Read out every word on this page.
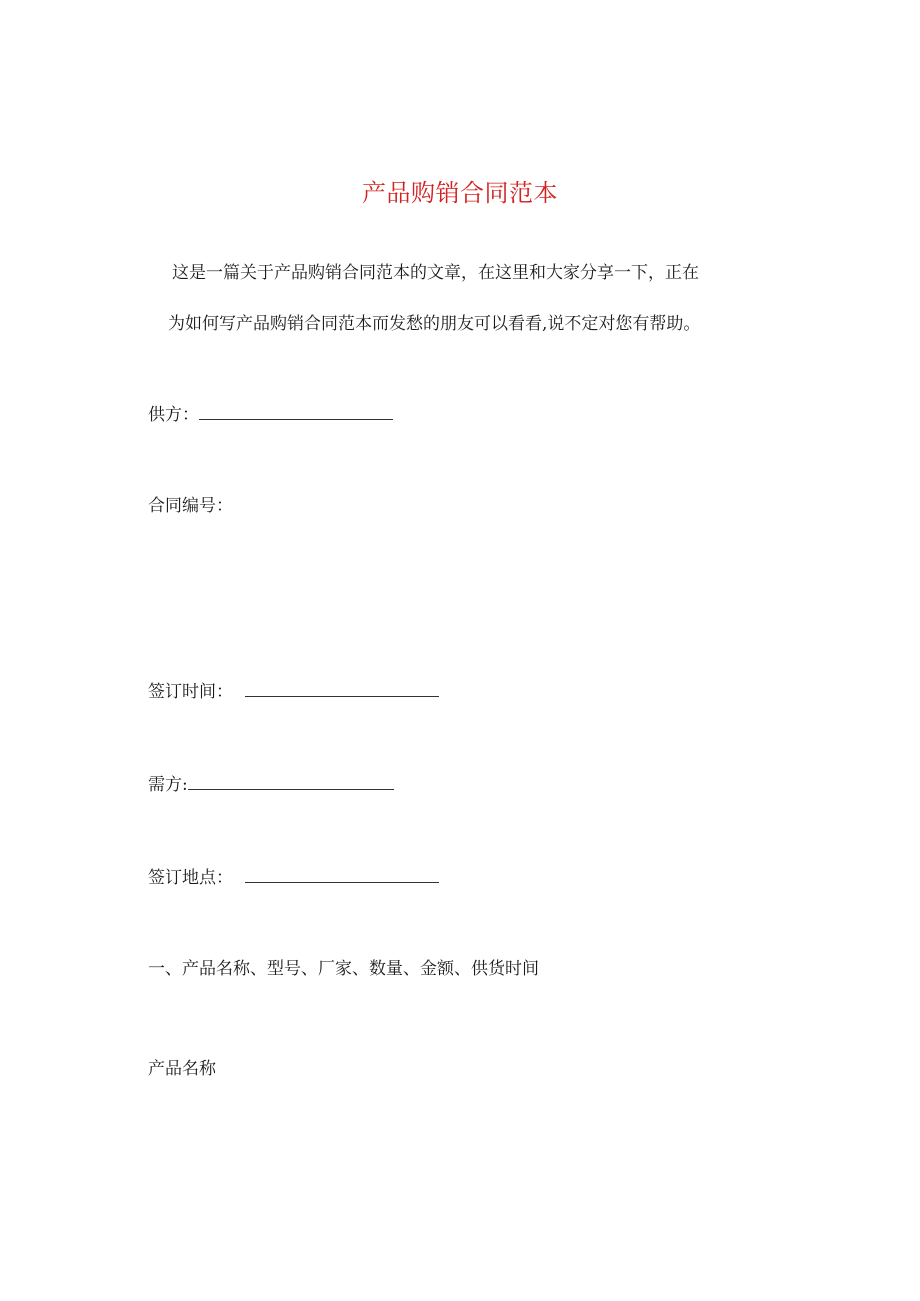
产品购销合同范本
这是一篇关于产品购销合同范本的文章，在这里和大家分享一下，正在
为如何写产品购销合同范本而发愁的朋友可以看看,说不定对您有帮助。
供方：
合同编号：
签订时间：
需方:
签订地点：
一、产品名称、型号、厂家、数量、金额、供货时间
产品名称
